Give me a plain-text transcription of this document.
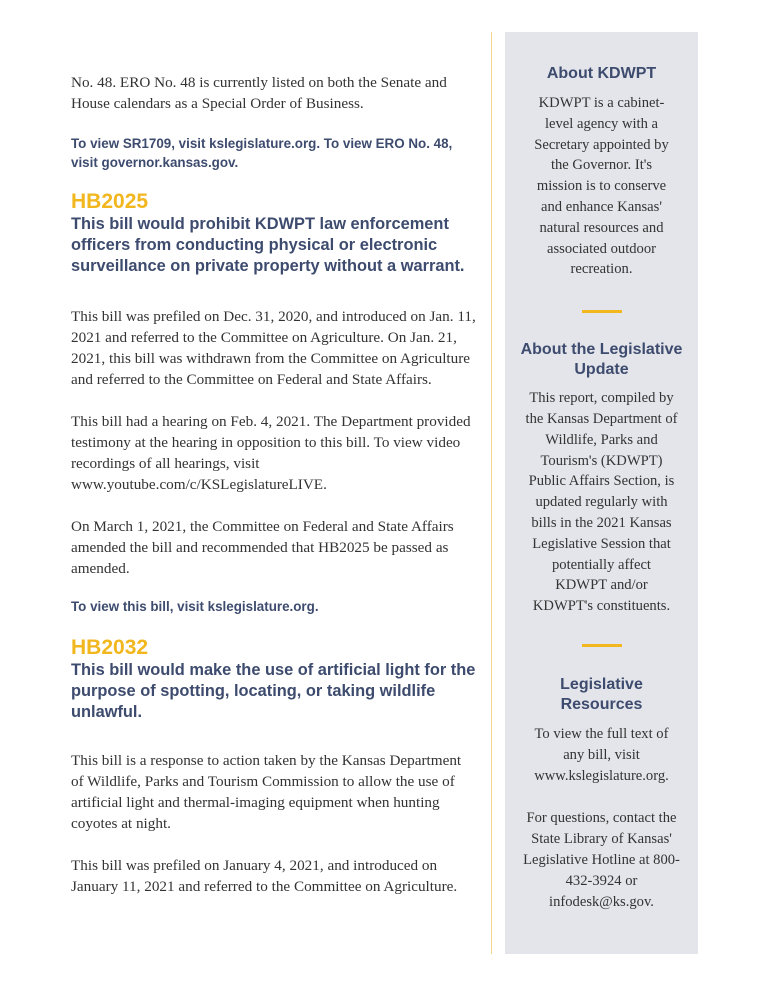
No. 48. ERO No. 48 is currently listed on both the Senate and House calendars as a Special Order of Business.

To view SR1709, visit kslegislature.org. To view ERO No. 48, visit governor.kansas.gov.

HB2025

This bill would prohibit KDWPT law enforcement officers from conducting physical or electronic surveillance on private property without a warrant.

This bill was prefiled on Dec. 31, 2020, and introduced on Jan. 11, 2021 and referred to the Committee on Agriculture. On Jan. 21, 2021, this bill was withdrawn from the Committee on Agriculture and referred to the Committee on Federal and State Affairs.

This bill had a hearing on Feb. 4, 2021. The Department provided testimony at the hearing in opposition to this bill. To view video recordings of all hearings, visit www.youtube.com/c/KSLegislatureLIVE.

On March 1, 2021, the Committee on Federal and State Affairs amended the bill and recommended that HB2025 be passed as amended.

To view this bill, visit kslegislature.org.

HB2032

This bill would make the use of artificial light for the purpose of spotting, locating, or taking wildlife unlawful.

This bill is a response to action taken by the Kansas Department of Wildlife, Parks and Tourism Commission to allow the use of artificial light and thermal-imaging equipment when hunting coyotes at night.

This bill was prefiled on January 4, 2021, and introduced on January 11, 2021 and referred to the Committee on Agriculture.

About KDWPT

KDWPT is a cabinet-level agency with a Secretary appointed by the Governor. It's mission is to conserve and enhance Kansas' natural resources and associated outdoor recreation.

About the Legislative Update

This report, compiled by the Kansas Department of Wildlife, Parks and Tourism's (KDWPT) Public Affairs Section, is updated regularly with bills in the 2021 Kansas Legislative Session that potentially affect KDWPT and/or KDWPT's constituents.

Legislative Resources

To view the full text of any bill, visit www.kslegislature.org.

For questions, contact the State Library of Kansas' Legislative Hotline at 800-432-3924 or infodesk@ks.gov.
